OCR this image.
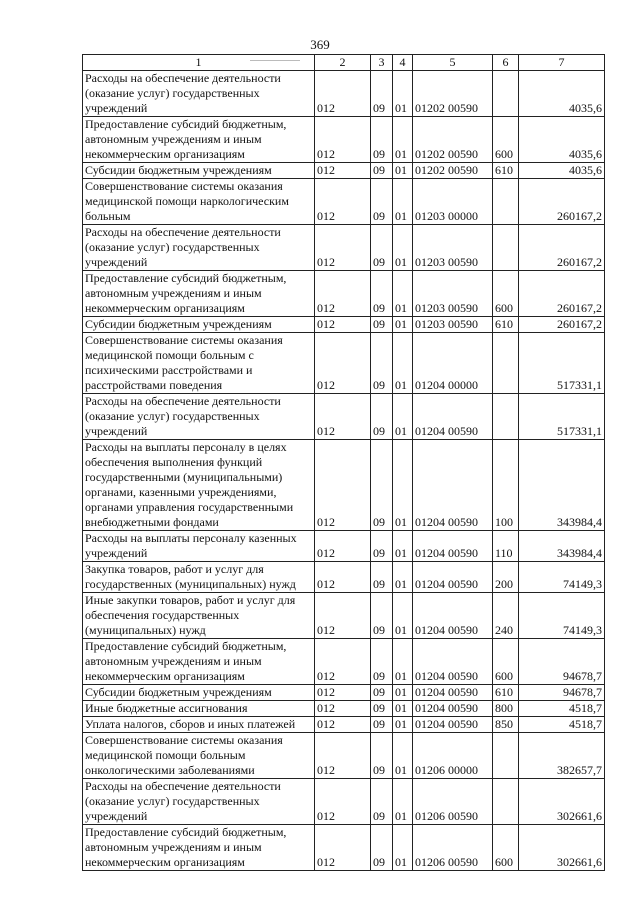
369
1	2	3	4	5	6	7
Расходы на обеспечение деятельности (оказание услуг) государственных учреждений	012	09	01	01202 00590		4035,6
Предоставление субсидий бюджетным, автономным учреждениям и иным некоммерческим организациям	012	09	01	01202 00590	600	4035,6
Субсидии бюджетным учреждениям	012	09	01	01202 00590	610	4035,6
Совершенствование системы оказания медицинской помощи наркологическим больным	012	09	01	01203 00000		260167,2
Расходы на обеспечение деятельности (оказание услуг) государственных учреждений	012	09	01	01203 00590		260167,2
Предоставление субсидий бюджетным, автономным учреждениям и иным некоммерческим организациям	012	09	01	01203 00590	600	260167,2
Субсидии бюджетным учреждениям	012	09	01	01203 00590	610	260167,2
Совершенствование системы оказания медицинской помощи больным с психическими расстройствами и расстройствами поведения	012	09	01	01204 00000		517331,1
Расходы на обеспечение деятельности (оказание услуг) государственных учреждений	012	09	01	01204 00590		517331,1
Расходы на выплаты персоналу в целях обеспечения выполнения функций государственными (муниципальными) органами, казенными учреждениями, органами управления государственными внебюджетными фондами	012	09	01	01204 00590	100	343984,4
Расходы на выплаты персоналу казенных учреждений	012	09	01	01204 00590	110	343984,4
Закупка товаров, работ и услуг для государственных (муниципальных) нужд	012	09	01	01204 00590	200	74149,3
Иные закупки товаров, работ и услуг для обеспечения государственных (муниципальных) нужд	012	09	01	01204 00590	240	74149,3
Предоставление субсидий бюджетным, автономным учреждениям и иным некоммерческим организациям	012	09	01	01204 00590	600	94678,7
Субсидии бюджетным учреждениям	012	09	01	01204 00590	610	94678,7
Иные бюджетные ассигнования	012	09	01	01204 00590	800	4518,7
Уплата налогов, сборов и иных платежей	012	09	01	01204 00590	850	4518,7
Совершенствование системы оказания медицинской помощи больным онкологическими заболеваниями	012	09	01	01206 00000		382657,7
Расходы на обеспечение деятельности (оказание услуг) государственных учреждений	012	09	01	01206 00590		302661,6
Предоставление субсидий бюджетным, автономным учреждениям и иным некоммерческим организациям	012	09	01	01206 00590	600	302661,6
